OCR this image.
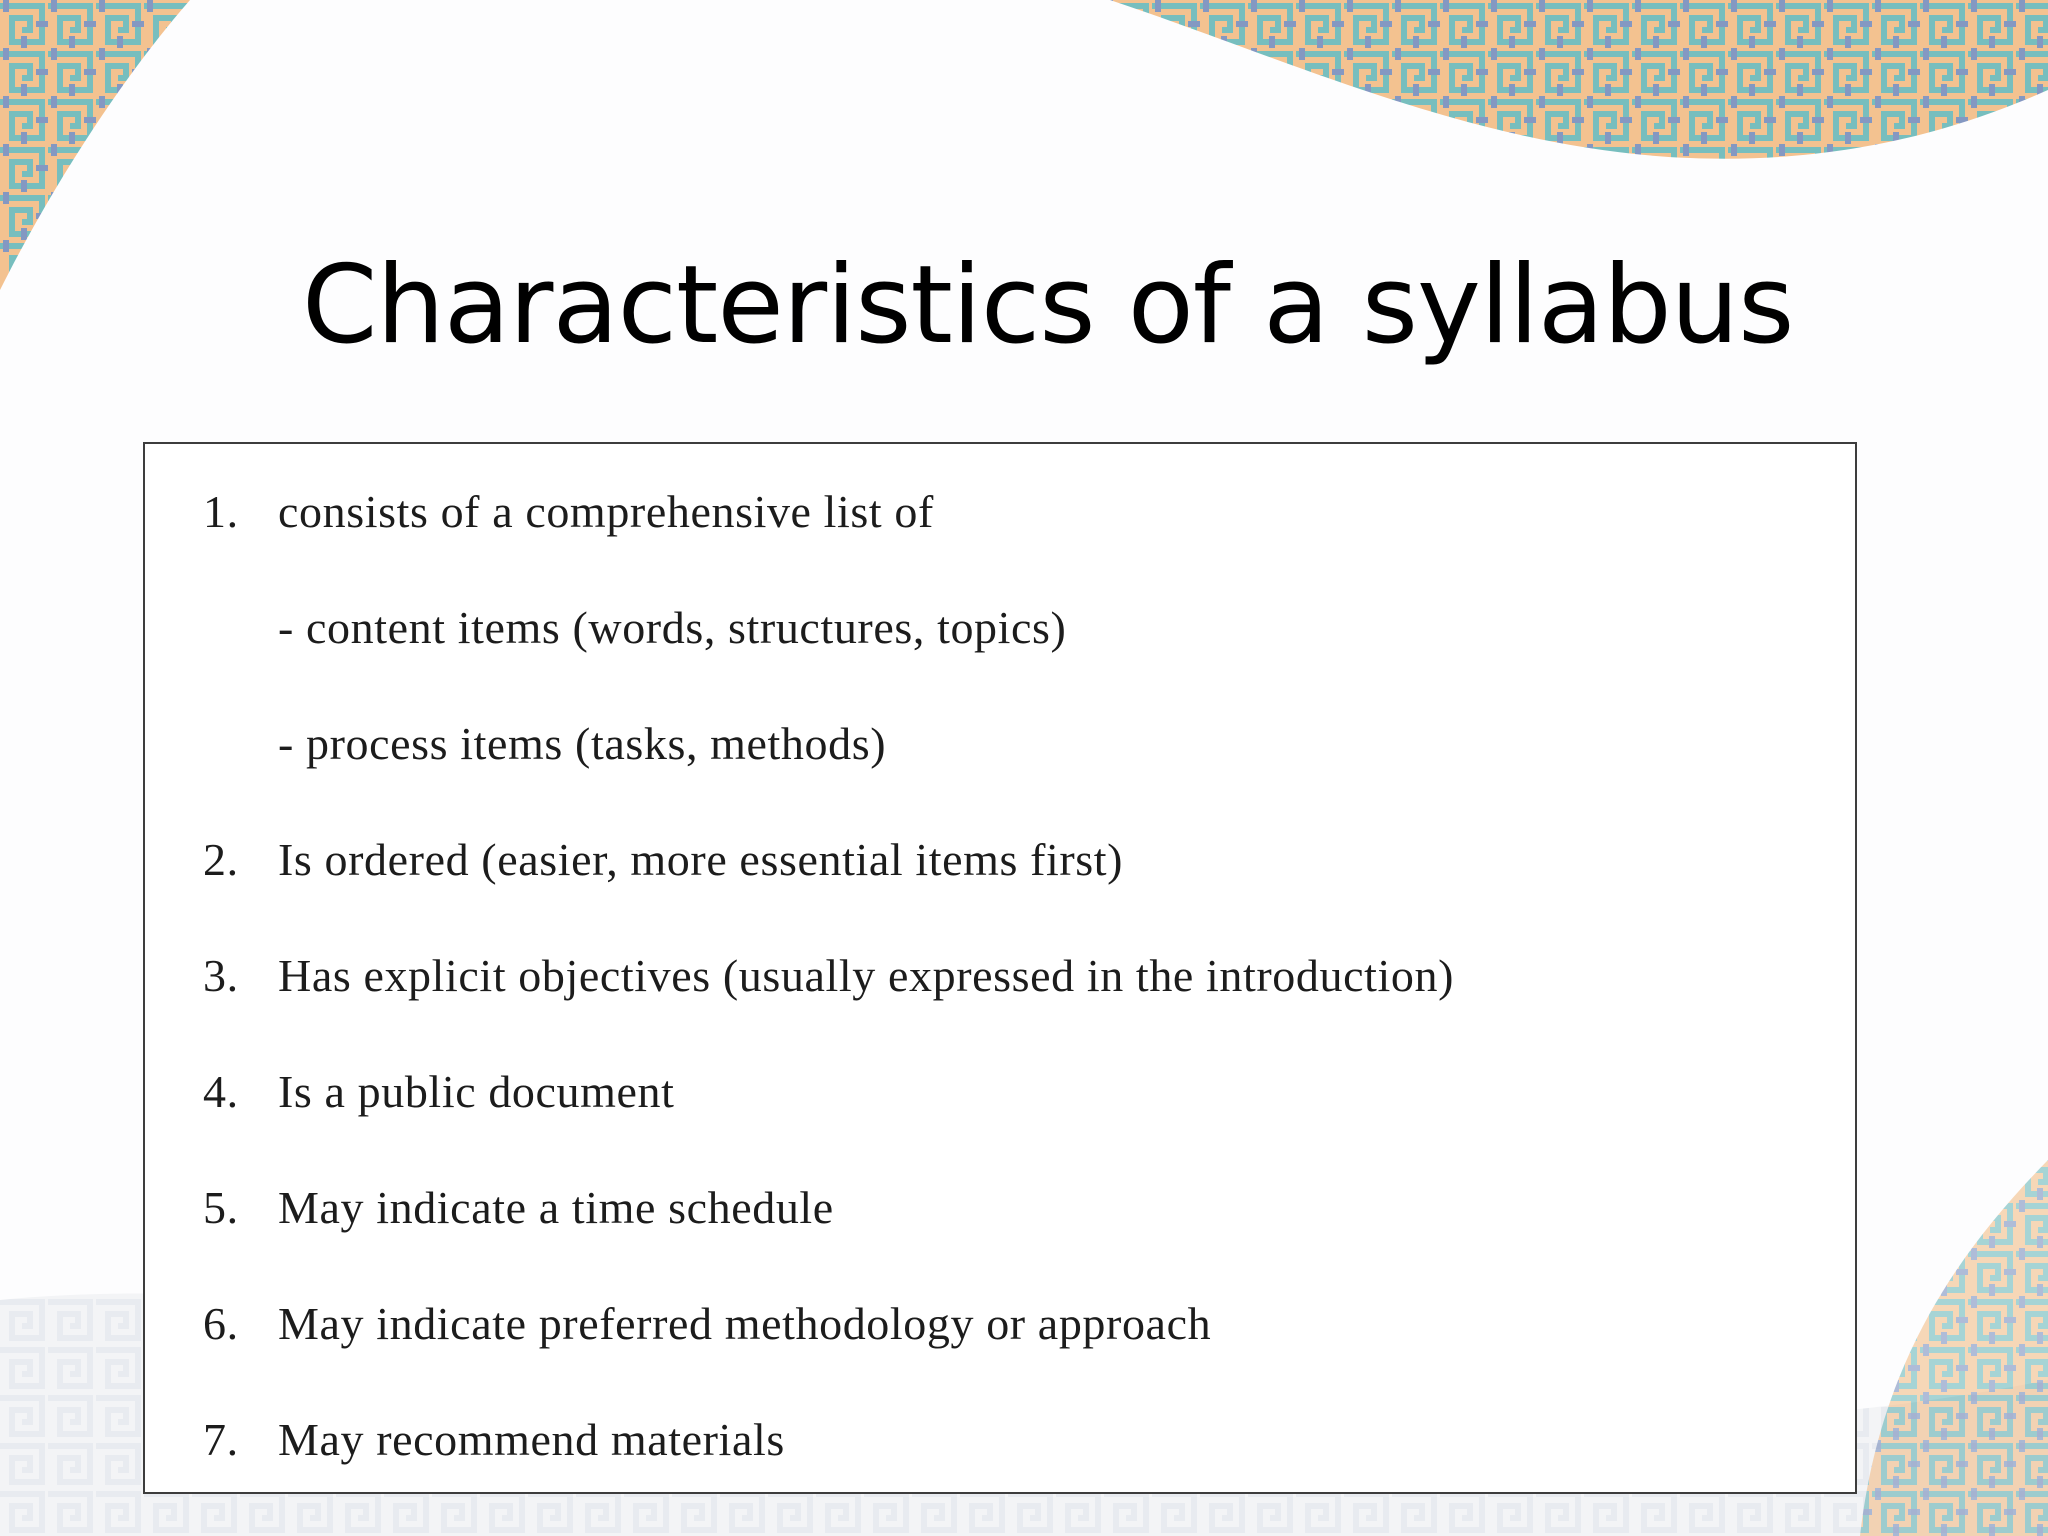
Characteristics of a syllabus
1. consists of a comprehensive list of
- content items (words, structures, topics)
- process items (tasks, methods)
2. Is ordered (easier, more essential items first)
3. Has explicit objectives (usually expressed in the introduction)
4. Is a public document
5. May indicate a time schedule
6. May indicate preferred methodology or approach
7. May recommend materials
